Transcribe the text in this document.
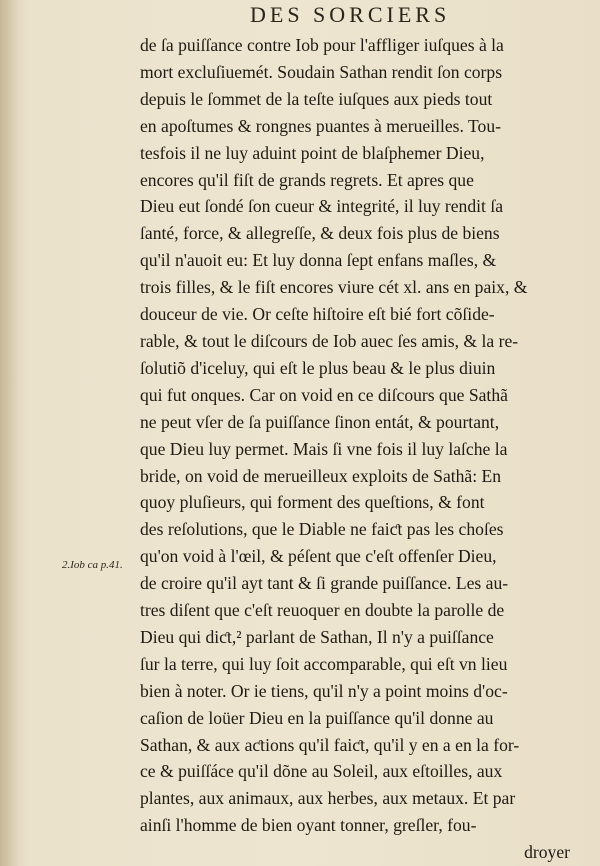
DES SORCIERS
de ſa puiſſance contre Iob pour l'affliger iuſques à la
mort excluſiuemét. Soudain Sathan rendit ſon corps
depuis le ſommet de la teſte iuſques aux pieds tout
en apoſtumes & rongnes puantes à merueilles. Tou-
tesfois il ne luy aduint point de blaſphemer Dieu,
encores qu'il fiſt de grands regrets. Et apres que
Dieu eut ſondé ſon cueur & integrité, il luy rendit ſa
ſanté, force, & allegreſſe, & deux fois plus de biens
qu'il n'auoit eu: Et luy donna ſept enfans maſles, &
trois filles, & le fiſt encores viure cét xl. ans en paix, &
douceur de vie. Or ceſte hiſtoire eſt bié fort cõſide-
rable, & tout le diſcours de Iob auec ſes amis, & la re-
ſolutiõ d'iceluy, qui eſt le plus beau & le plus diuin
qui fut onques. Car on void en ce diſcours que Sathã
ne peut vſer de ſa puiſſance ſinon entát, & pourtant,
que Dieu luy permet. Mais ſi vne fois il luy laſche la
bride, on void de merueilleux exploits de Sathã: En
quoy pluſieurs, qui forment des queſtions, & font
des reſolutions, que le Diable ne faiƈt pas les choſes
qu'on void à l'œil, & péſent que c'eſt offenſer Dieu,
de croire qu'il ayt tant & ſi grande puiſſance. Les au-
tres diſent que c'eſt reuoquer en doubte la parolle de
Dieu qui diƈt,² parlant de Sathan, Il n'y a puiſſance
ſur la terre, qui luy ſoit accomparable, qui eſt vn lieu
bien à noter. Or ie tiens, qu'il n'y a point moins d'oc-
caſion de loüer Dieu en la puiſſance qu'il donne au
Sathan, & aux aƈtions qu'il faiƈt, qu'il y en a en la for-
ce & puiſſáce qu'il dõne au Soleil, aux eſtoilles, aux
plantes, aux animaux, aux herbes, aux metaux. Et par
ainſi l'homme de bien oyant tonner, greſler, fou-
droyer
2.Iob ca p.41.
